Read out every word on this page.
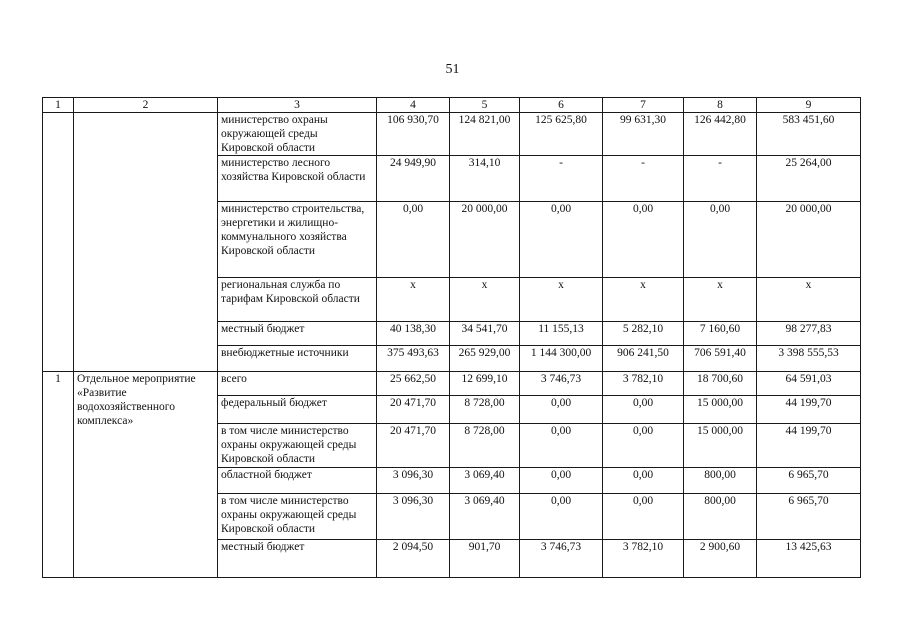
51
1	2	3	4	5	6	7	8	9
		министерство охраны окружающей среды Кировской области	106 930,70	124 821,00	125 625,80	99 631,30	126 442,80	583 451,60
		министерство лесного хозяйства Кировской области	24 949,90	314,10	-	-	-	25 264,00
		министерство строительства, энергетики и жилищно-коммунального хозяйства Кировской области	0,00	20 000,00	0,00	0,00	0,00	20 000,00
		региональная служба по тарифам Кировской области	x	x	x	x	x	x
		местный бюджет	40 138,30	34 541,70	11 155,13	5 282,10	7 160,60	98 277,83
		внебюджетные источники	375 493,63	265 929,00	1 144 300,00	906 241,50	706 591,40	3 398 555,53
1	Отдельное мероприятие «Развитие водохозяйственного комплекса»	всего	25 662,50	12 699,10	3 746,73	3 782,10	18 700,60	64 591,03
		федеральный бюджет	20 471,70	8 728,00	0,00	0,00	15 000,00	44 199,70
		в том числе министерство охраны окружающей среды Кировской области	20 471,70	8 728,00	0,00	0,00	15 000,00	44 199,70
		областной бюджет	3 096,30	3 069,40	0,00	0,00	800,00	6 965,70
		в том числе министерство охраны окружающей среды Кировской области	3 096,30	3 069,40	0,00	0,00	800,00	6 965,70
		местный бюджет	2 094,50	901,70	3 746,73	3 782,10	2 900,60	13 425,63
